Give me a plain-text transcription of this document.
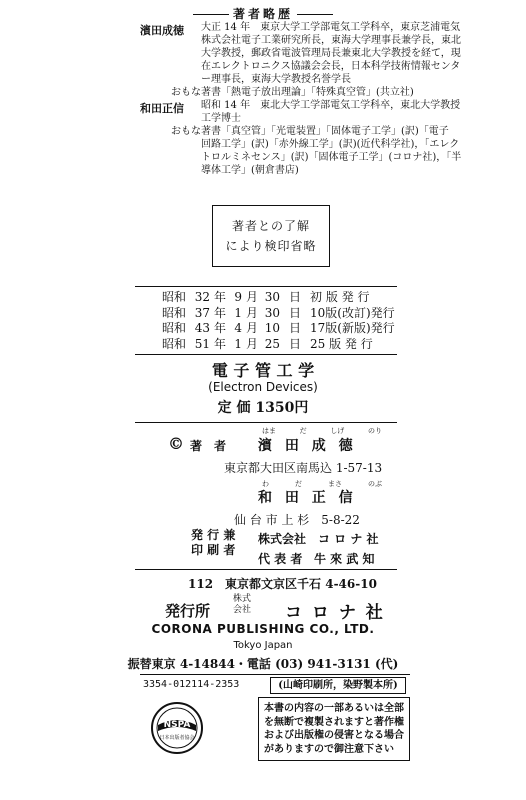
著者略歴
濱田成徳 大正 14 年　東京大学工学部電気工学科卒，東京芝浦電気
株式会社電子工業研究所長，東海大学理事長兼学長，東北
大学教授，郵政省電波管理局長兼東北大学教授を経て，現
在エレクトロニクス協議会会長，日本科学技術情報センタ
ー理事長，東海大学教授名誉学長
おもな著書「熱電子放出理論」「特殊真空管」(共立社)
和田正信 昭和 14 年　東北大学工学部電気工学科卒，東北大学教授
工学博士
おもな著書「真空管」「光電装置」「固体電子工学」(訳)「電子
回路工学」(訳)「赤外線工学」(訳)(近代科学社)，「エレク
トロルミネセンス」(訳)「固体電子工学」(コロナ社)，「半
導体工学」(朝倉書店)
著者との了解
により検印省略
昭和 32 年 9 月 30 日 初 版 発 行
昭和 37 年 1 月 30 日 10版(改訂)発行
昭和 43 年 4 月 10 日 17版(新版)発行
昭和 51 年 1 月 25 日 25 版 発 行
電 子 管 工 学
(Electron Devices)
定 価 1350円
© 著　者
はま	だ	しげ	のり
濱 田 成 德
東京都大田区南馬込 1-57-13
わ	だ	まさ	のぶ
和 田 正 信
仙 台 市 上 杉　5-8-22
発 行 兼
印 刷 者
株式会社　コ ロ ナ 社
代 表 者 牛 來 武 知
112　東京都文京区千石 4-46-10
発行所
株式
会社 コ ロ ナ 社
CORONA PUBLISHING CO., LTD.
Tokyo Japan
振替東京 4-14844・電話 (03) 941-3131 (代)
3354-012114-2353	(山崎印刷所，染野製本所)
NSPA
日本出版者協会
本書の内容の一部あるいは全部
を無断で複製されますと著作権
および出版権の侵害となる場合
がありますので御注意下さい
